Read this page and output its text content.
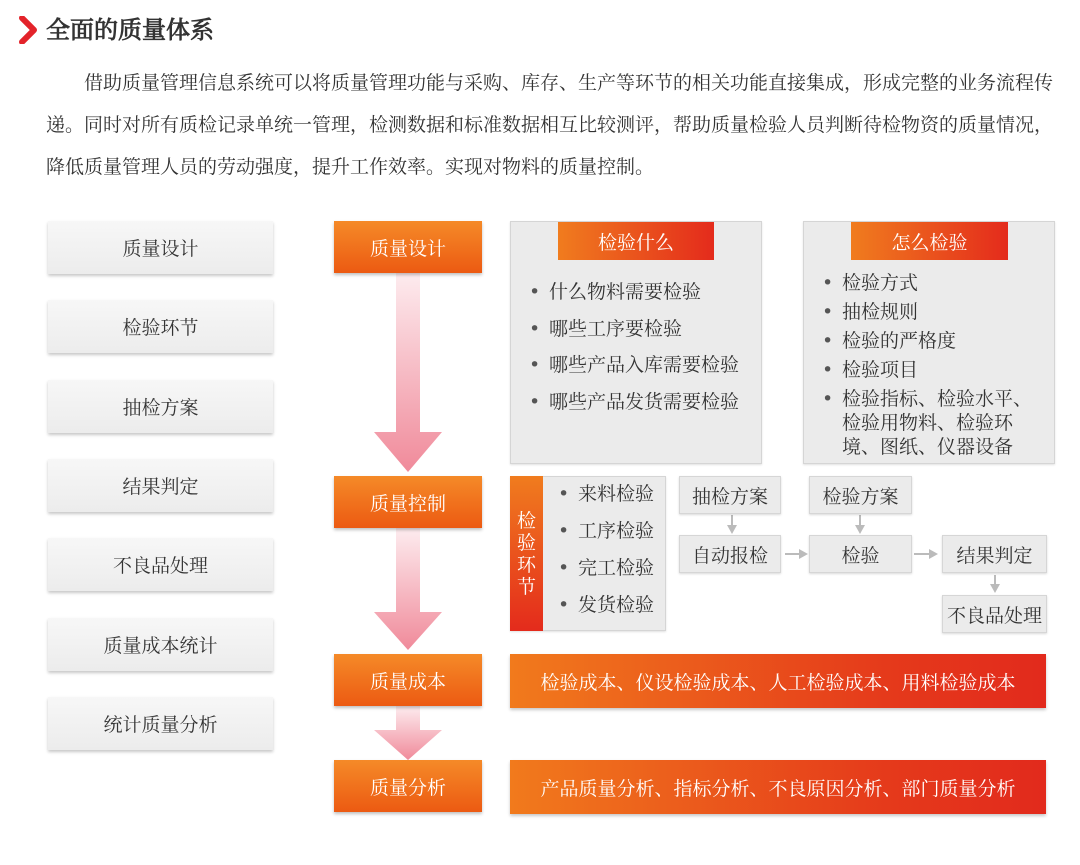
全面的质量体系

借助质量管理信息系统可以将质量管理功能与采购、库存、生产等环节的相关功能直接集成，形成完整的业务流程传递。同时对所有质检记录单统一管理，检测数据和标准数据相互比较测评，帮助质量检验人员判断待检物资的质量情况，降低质量管理人员的劳动强度，提升工作效率。实现对物料的质量控制。

质量设计
检验环节
抽检方案
结果判定
不良品处理
质量成本统计
统计质量分析
质量设计
质量控制
质量成本
质量分析
检验什么
• 什么物料需要检验
• 哪些工序要检验
• 哪些产品入库需要检验
• 哪些产品发货需要检验
怎么检验
• 检验方式
• 抽检规则
• 检验的严格度
• 检验项目
• 检验指标、检验水平、检验用物料、检验环境、图纸、仪器设备
检验环节
• 来料检验
• 工序检验
• 完工检验
• 发货检验
抽检方案	检验方案
自动报检	检验	结果判定
不良品处理
检验成本、仪设检验成本、人工检验成本、用料检验成本
产品质量分析、指标分析、不良原因分析、部门质量分析
